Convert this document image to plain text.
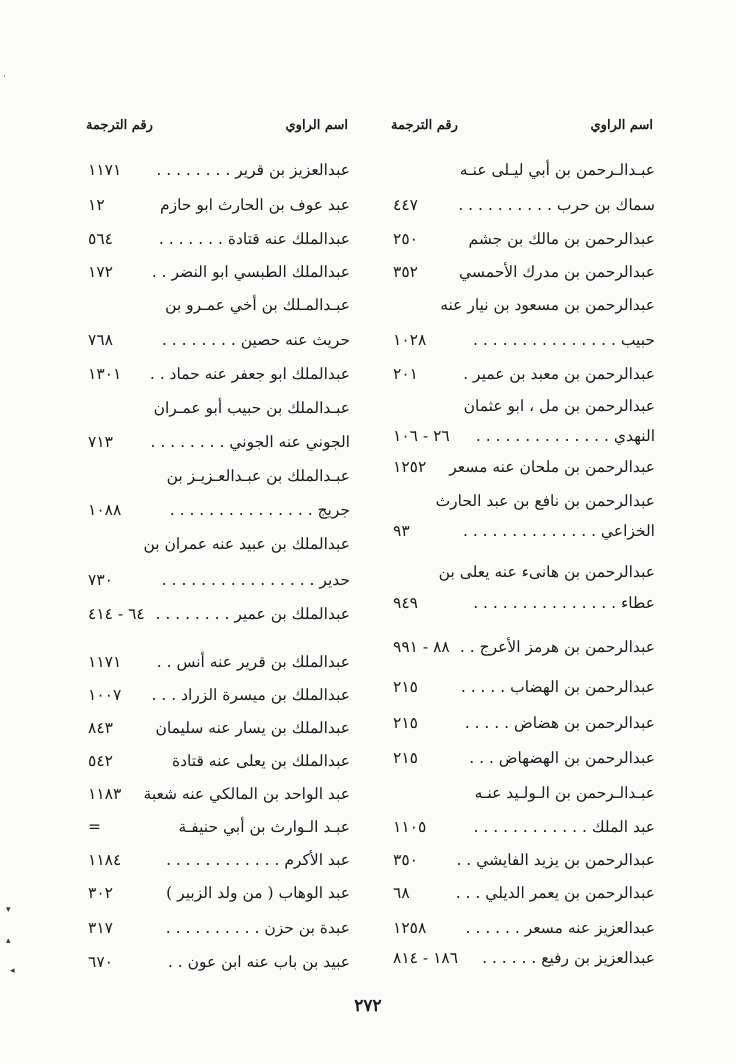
اسم الراوي
رقم الترجمة
عبـدالـرحمن بن أبي ليـلى عنـه
سماك بن حرب . . . . . . . . . .
٤٤٧
عبدالرحمن بن مالك بن جشم
٢٥٠
عبدالرحمن بن مدرك الأحمسي
٣٥٢
عبدالرحمن بن مسعود بن نيار عنه
حبيب . . . . . . . . . . . . . . .
١٠٢٨
عبدالرحمن بن معبد بن عمير .
٢٠١
عبدالرحمن بن مل ، ابو عثمان
النهدي . . . . . . . . . . . . . .
٢٦ - ١٠٦
عبدالرحمن بن ملحان عنه مسعر
١٢٥٢
عبدالرحمن بن نافع بن عبد الحارث
الخزاعي . . . . . . . . . . . . . .
٩٣
عبدالرحمن بن هانىء عنه يعلى بن
عطاء . . . . . . . . . . . . . . .
٩٤٩
عبدالرحمن بن هرمز الأعرج . .
٨٨ - ٩٩١
عبدالرحمن بن الهضاب . . . . .
٢١٥
عبدالرحمن بن هضاض . . . . .
٢١٥
عبدالرحمن بن الهضهاض . . .
٢١٥
عبـدالـرحمن بن الـولـيد عنـه
عبد الملك . . . . . . . . . . . .
١١٠٥
عبدالرحمن بن يزيد الفايشي . .
٣٥٠
عبدالرحمن بن يعمر الديلي . . .
٦٨
عبدالعزيز عنه مسعر . . . . . .
١٢٥٨
عبدالعزيز بن رفيع . . . . . .
١٨٦ - ٨١٤
اسم الراوي
رقم الترجمة
عبدالعزيز بن قرير . . . . . . . .
١١٧١
عبد عوف بن الحارث ابو حازم
١٢
عبدالملك عنه قتادة . . . . . . .
٥٦٤
عبدالملك الطبسي ابو النضر . .
١٧٢
عبـدالمـلك بن أخي عمـرو بن
حريث عنه حصين . . . . . . . .
٧٦٨
عبدالملك ابو جعفر عنه حماد . .
١٣٠١
عبـدالملك بن حبيب أبو عمـران
الجوني عنه الجوني . . . . . . . .
٧١٣
عبـدالملك بن عبـدالعـزيـز بن
جريج . . . . . . . . . . . . . . .
١٠٨٨
عبدالملك بن عبيد عنه عمران بن
حدير . . . . . . . . . . . . . . . .
٧٣٠
عبدالملك بن عمير . . . . . . . .
٦٤ - ٤١٤
عبدالملك بن قرير عنه أنس . .
١١٧١
عبدالملك بن ميسرة الزراد . . .
١٠٠٧
عبدالملك بن يسار عنه سليمان
٨٤٣
عبدالملك بن يعلى عنه قتادة
٥٤٢
عبد الواحد بن المالكي عنه شعبة
١١٨٣
عبـد الـوارث بن أبي حنيفـة
=
عبد الأكرم . . . . . . . . . . . .
١١٨٤
عبد الوهاب ( من ولد الزبير )
٣٠٢
عبدة بن حزن . . . . . . . . . .
٣١٧
عبيد بن باب عنه ابن عون . .
٦٧٠
٢٧٢
·
▾
▴
◂
